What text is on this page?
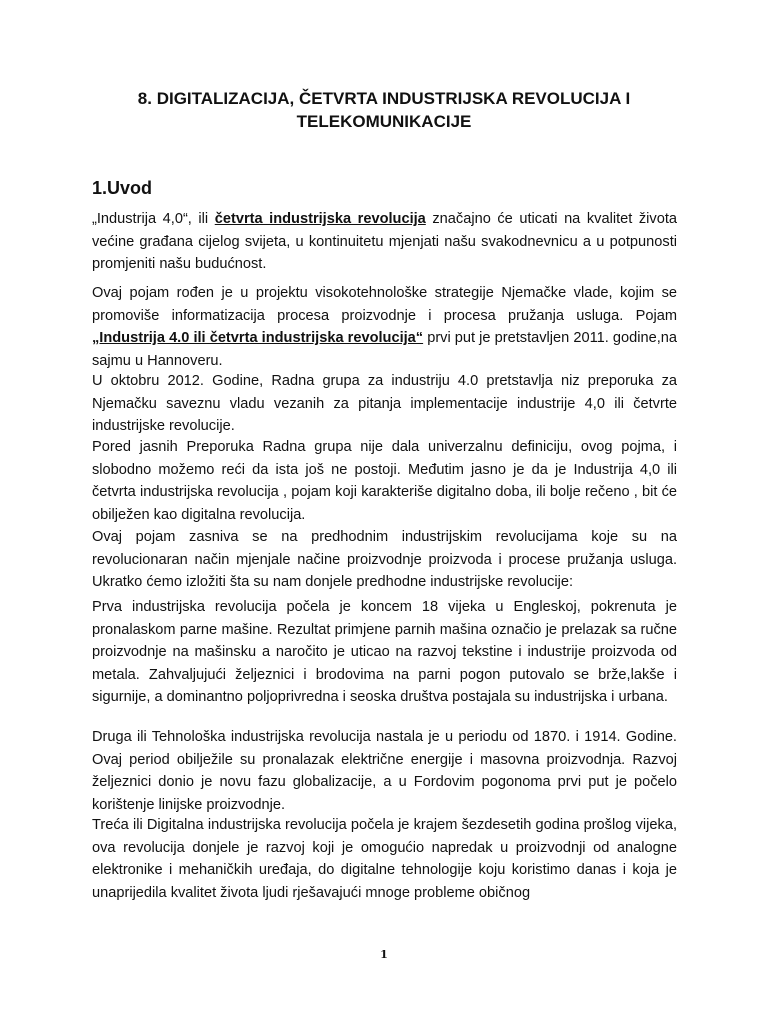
8. DIGITALIZACIJA, ČETVRTA INDUSTRIJSKA REVOLUCIJA I
TELEKOMUNIKACIJE
1.Uvod

„Industrija 4,0“, ili četvrta industrijska revolucija značajno će uticati na kvalitet života većine građana cijelog svijeta, u kontinuitetu mjenjati našu svakodnevnicu a u potpunosti promjeniti našu budućnost.

Ovaj pojam rođen je u projektu visokotehnološke strategije Njemačke vlade, kojim se promoviše informatizacija procesa proizvodnje i procesa pružanja usluga. Pojam „Industrija 4.0 ili četvrta industrijska revolucija“ prvi put je pretstavljen 2011. godine,na sajmu u Hannoveru.

U oktobru 2012. Godine, Radna grupa za industriju 4.0 pretstavlja niz preporuka za Njemačku saveznu vladu vezanih za pitanja implementacije industrije 4,0 ili četvrte industrijske revolucije.

Pored jasnih Preporuka Radna grupa nije dala univerzalnu definiciju, ovog pojma, i slobodno možemo reći da ista još ne postoji. Međutim jasno je da je Industrija 4,0 ili četvrta industrijska revolucija , pojam koji karakteriše digitalno doba, ili bolje rečeno , bit će obilježen kao digitalna revolucija.

Ovaj pojam zasniva se na predhodnim industrijskim revolucijama koje su na revolucionaran način mjenjale načine proizvodnje proizvoda i procese pružanja usluga. Ukratko ćemo izložiti šta su nam donjele predhodne industrijske revolucije:

Prva industrijska revolucija počela je koncem 18 vijeka u Engleskoj, pokrenuta je pronalaskom parne mašine. Rezultat primjene parnih mašina označio je prelazak sa ručne proizvodnje na mašinsku a naročito je uticao na razvoj tekstine i industrije proizvoda od metala. Zahvaljujući željeznici i brodovima na parni pogon putovalo se brže,lakše i sigurnije, a dominantno poljoprivredna i seoska društva postajala su industrijska i urbana.

Druga ili Tehnološka industrijska revolucija nastala je u periodu od 1870. i 1914. Godine. Ovaj period obilježile su pronalazak električne energije i masovna proizvodnja. Razvoj željeznici donio je novu fazu globalizacije, a u Fordovim pogonoma prvi put je počelo korištenje linijske proizvodnje.

Treća ili Digitalna industrijska revolucija počela je krajem šezdesetih godina prošlog vijeka, ova revolucija donjele je razvoj koji je omogućio napredak u proizvodnji od analogne elektronike i mehaničkih uređaja, do digitalne tehnologije koju koristimo danas i koja je unaprijedila kvalitet života ljudi rješavajući mnoge probleme običnog

1
